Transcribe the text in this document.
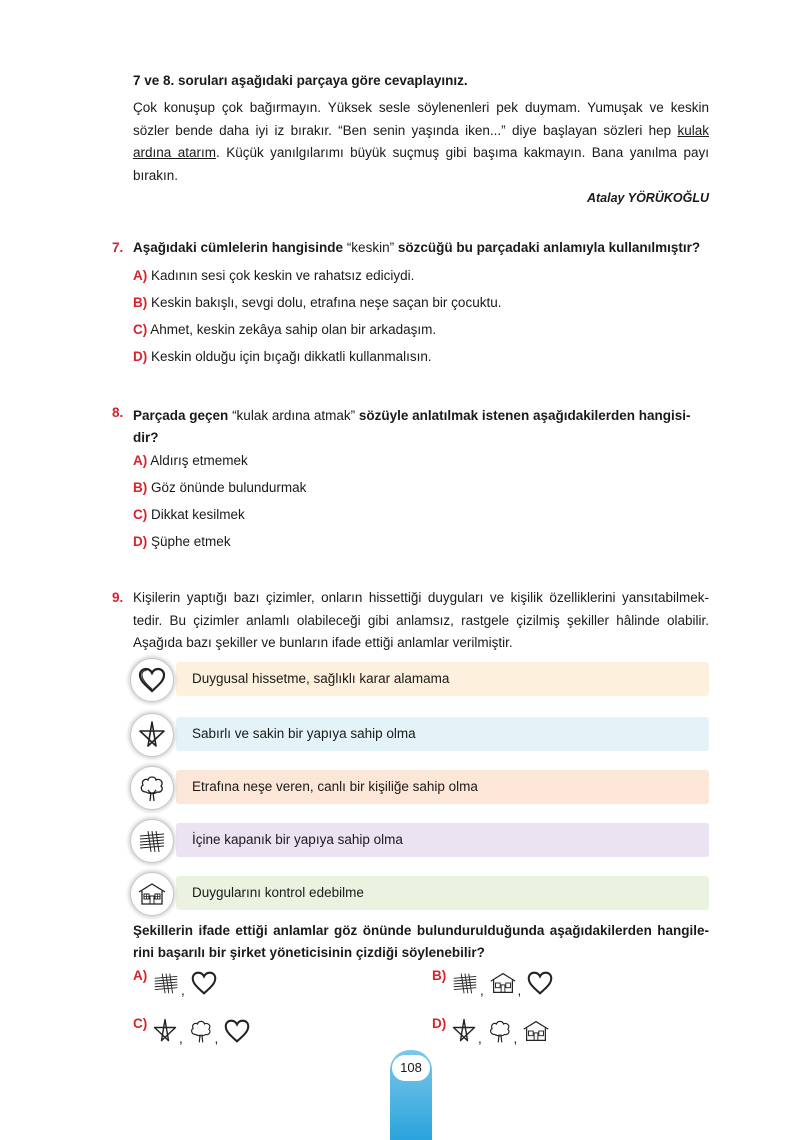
7 ve 8. soruları aşağıdaki parçaya göre cevaplayınız.
Çok konuşup çok bağırmayın. Yüksek sesle söylenenleri pek duymam. Yumuşak ve keskin
sözler bende daha iyi iz bırakır. “Ben senin yaşında iken...” diye başlayan sözleri hep kulak
ardına atarım. Küçük yanılgılarımı büyük suçmuş gibi başıma kakmayın. Bana yanılma payı
bırakın.
Atalay YÖRÜKOĞLU
7. Aşağıdaki cümlelerin hangisinde “keskin” sözcüğü bu parçadaki anlamıyla kullanılmıştır?
A) Kadının sesi çok keskin ve rahatsız ediciydi.
B) Keskin bakışlı, sevgi dolu, etrafına neşe saçan bir çocuktu.
C) Ahmet, keskin zekâya sahip olan bir arkadaşım.
D) Keskin olduğu için bıçağı dikkatli kullanmalısın.
8. Parçada geçen “kulak ardına atmak” sözüyle anlatılmak istenen aşağıdakilerden hangisi-
dir?
A) Aldırış etmemek
B) Göz önünde bulundurmak
C) Dikkat kesilmek
D) Şüphe etmek
9. Kişilerin yaptığı bazı çizimler, onların hissettiği duyguları ve kişilik özelliklerini yansıtabilmek-
tedir. Bu çizimler anlamlı olabileceği gibi anlamsız, rastgele çizilmiş şekiller hâlinde olabilir.
Aşağıda bazı şekiller ve bunların ifade ettiği anlamlar verilmiştir.
Duygusal hissetme, sağlıklı karar alamama
Sabırlı ve sakin bir yapıya sahip olma
Etrafına neşe veren, canlı bir kişiliğe sahip olma
İçine kapanık bir yapıya sahip olma
Duygularını kontrol edebilme
Şekillerin ifade ettiği anlamlar göz önünde bulundurulduğunda aşağıdakilerden hangile-
rini başarılı bir şirket yöneticisinin çizdiği söylenebilir?
A) ,
B) ,	,
C) , ,
D) , ,
108
